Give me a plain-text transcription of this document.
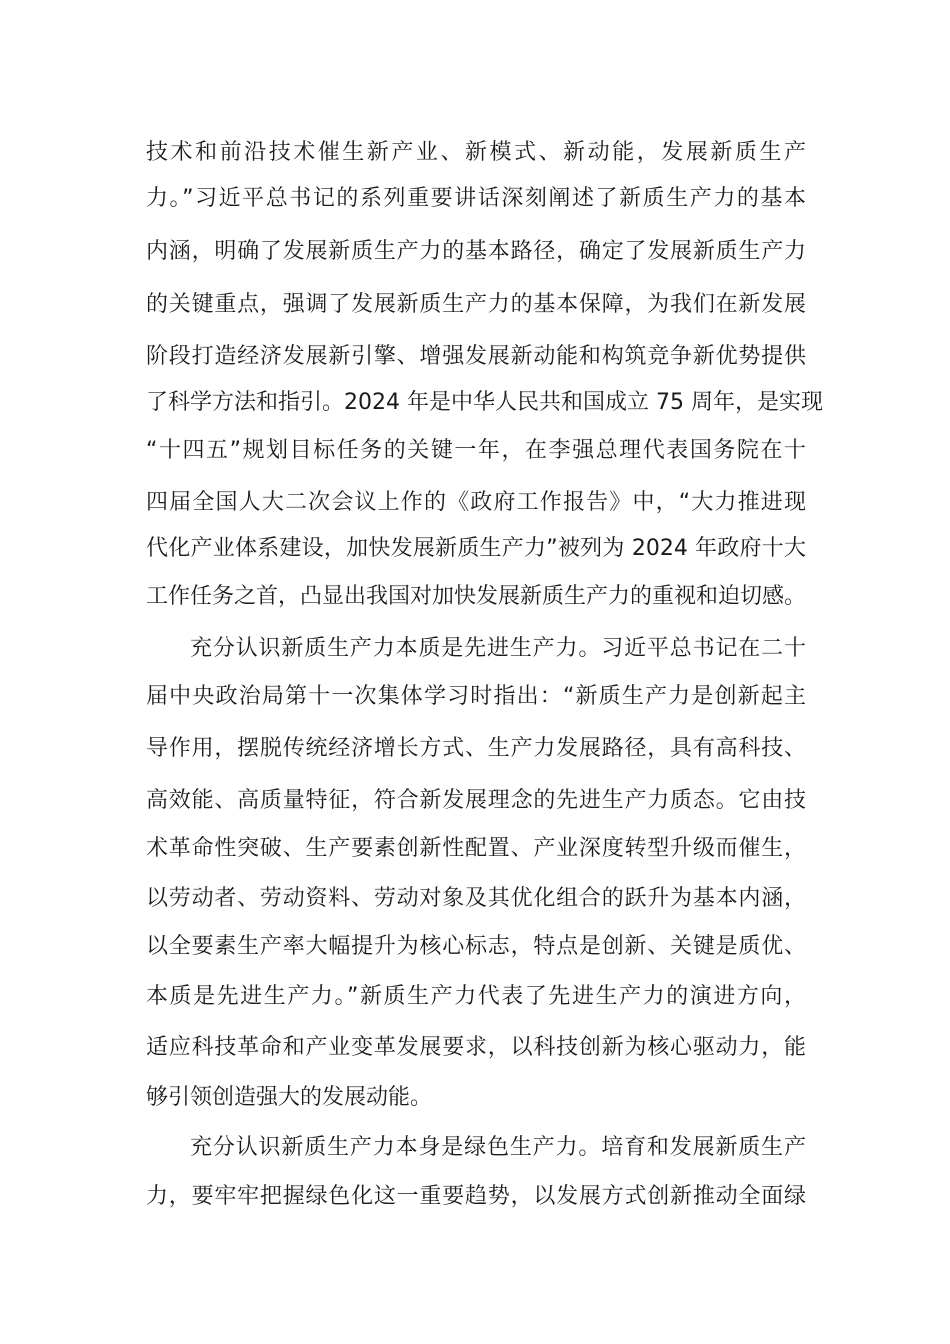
技术和前沿技术催生新产业、新模式、新动能，发展新质生产

力。”习近平总书记的系列重要讲话深刻阐述了新质生产力的基本

内涵，明确了发展新质生产力的基本路径，确定了发展新质生产力

的关键重点，强调了发展新质生产力的基本保障，为我们在新发展

阶段打造经济发展新引擎、增强发展新动能和构筑竞争新优势提供

了科学方法和指引。2024 年是中华人民共和国成立 75 周年，是实现

“十四五”规划目标任务的关键一年，在李强总理代表国务院在十

四届全国人大二次会议上作的《政府工作报告》中，“大力推进现

代化产业体系建设，加快发展新质生产力”被列为 2024 年政府十大

工作任务之首，凸显出我国对加快发展新质生产力的重视和迫切感。

充分认识新质生产力本质是先进生产力。习近平总书记在二十

届中央政治局第十一次集体学习时指出：“新质生产力是创新起主

导作用，摆脱传统经济增长方式、生产力发展路径，具有高科技、

高效能、高质量特征，符合新发展理念的先进生产力质态。它由技

术革命性突破、生产要素创新性配置、产业深度转型升级而催生，

以劳动者、劳动资料、劳动对象及其优化组合的跃升为基本内涵，

以全要素生产率大幅提升为核心标志，特点是创新、关键是质优、

本质是先进生产力。”新质生产力代表了先进生产力的演进方向，

适应科技革命和产业变革发展要求，以科技创新为核心驱动力，能

够引领创造强大的发展动能。

充分认识新质生产力本身是绿色生产力。培育和发展新质生产

力，要牢牢把握绿色化这一重要趋势，以发展方式创新推动全面绿
